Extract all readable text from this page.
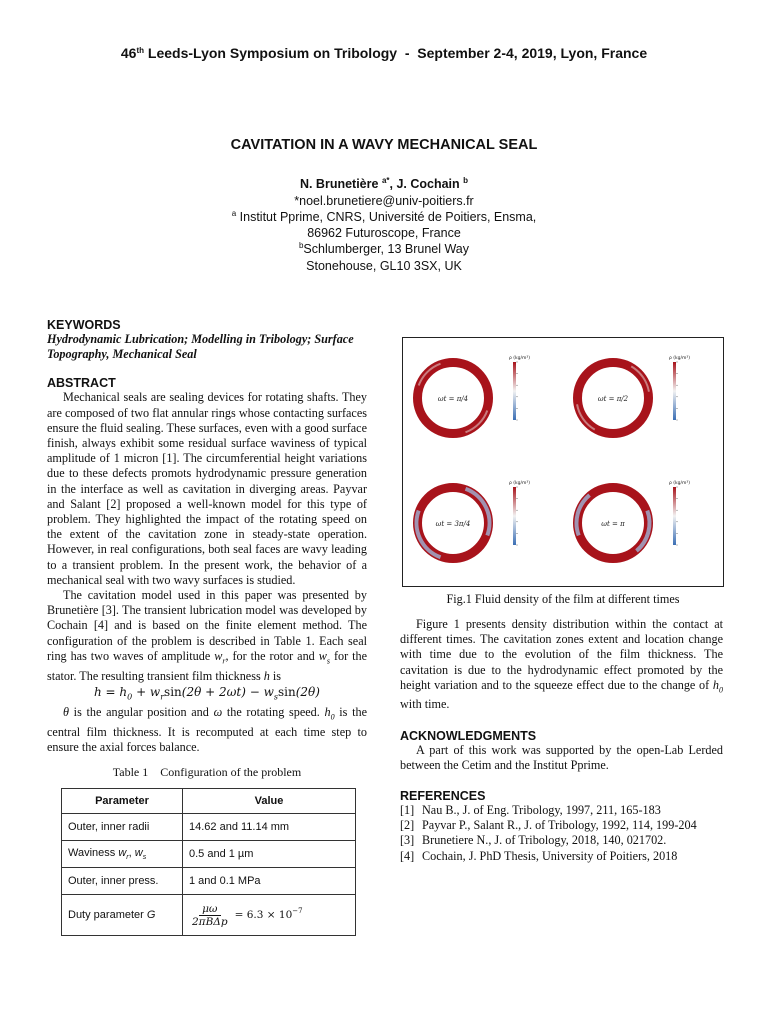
46th Leeds-Lyon Symposium on Tribology  -  September 2-4, 2019, Lyon, France
CAVITATION IN A WAVY MECHANICAL SEAL
N. Brunetière $^{a*}$, J. Cochain $^b$
*noel.brunetiere@univ-poitiers.fr
$^a$ Institut Pprime, CNRS, Université de Poitiers, Ensma,
86962 Futuroscope, France
$^b$Schlumberger, 13 Brunel Way
Stonehouse, GL10 3SX, UK
KEYWORDS
Hydrodynamic Lubrication; Modelling in Tribology; Surface Topography, Mechanical Seal
ABSTRACT
Mechanical seals are sealing devices for rotating shafts. They are composed of two flat annular rings whose contacting surfaces ensure the fluid sealing. These surfaces, even with a good surface finish, always exhibit some residual surface waviness of typical amplitude of 1 micron [1]. The circumferential height variations due to these defects promots hydrodynamic pressure generation in the interface as well as cavitation in diverging areas. Payvar and Salant [2] proposed a well-known model for this type of problem. They highlighted the impact of the rotating speed on the extent of the cavitation zone in steady-state operation. However, in real configurations, both seal faces are wavy leading to a transient problem. In the present work, the behavior of a mechanical seal with two wavy surfaces is studied.
The cavitation model used in this paper was presented by Brunetière [3]. The transient lubrication model was developed by Cochain [4] and is based on the finite element method. The configuration of the problem is described in Table 1. Each seal ring has two waves of amplitude $w_r$, for the rotor and $w_s$ for the stator. The resulting transient film thickness h is
$h = h_0 + w_r\sin(2\theta + 2\omega t) - w_s\sin(2\theta)$
θ is the angular position and ω the rotating speed. $h_0$ is the central film thickness. It is recomputed at each time step to ensure the axial forces balance.
Table 1    Configuration of the problem
Parameter	Value
Outer, inner radii	14.62 and 11.14 mm
Waviness $w_r$, $w_s$	0.5 and 1 µm
Outer, inner press.	1 and 0.1 MPa
Duty parameter G	μω
2πBΔp
= $6.3 \times 10^{-7}$
ωt = π/4
ρ (kg/m³)
ωt = π/2
ρ (kg/m³)
ωt = 3π/4
ρ (kg/m³)
ωt = π
ρ (kg/m³)
Fig.1 Fluid density of the film at different times
Figure 1 presents density distribution within the contact at different times. The cavitation zones extent and location change with time due to the evolution of the film thickness. The cavitation is due to the hydrodynamic effect promoted by the height variation and to the squeeze effect due to the change of $h_0$ with time.
ACKNOWLEDGMENTS
A part of this work was supported by the open-Lab Lerded between the Cetim and the Institut Pprime.
REFERENCES
[1] Nau B., J. of Eng. Tribology, 1997, 211, 165-183
[2] Payvar P., Salant R., J. of Tribology, 1992, 114, 199-204
[3] Brunetiere N., J. of Tribology, 2018, 140, 021702.
[4] Cochain, J. PhD Thesis, University of Poitiers, 2018
